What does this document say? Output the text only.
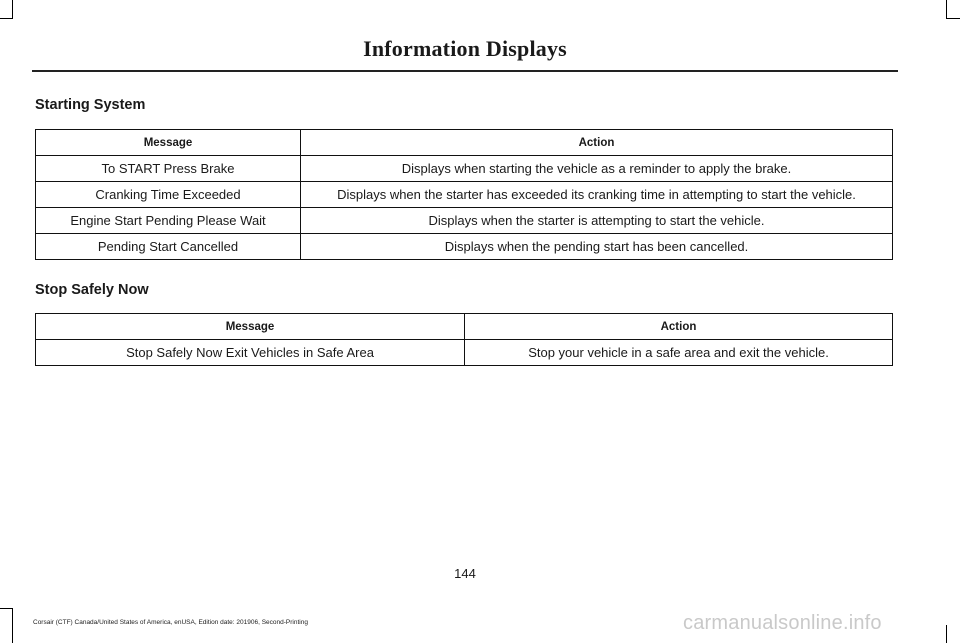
Information Displays
Starting System
Message	Action
To START Press Brake	Displays when starting the vehicle as a reminder to apply the brake.
Cranking Time Exceeded	Displays when the starter has exceeded its cranking time in attempting to start the vehicle.
Engine Start Pending Please Wait	Displays when the starter is attempting to start the vehicle.
Pending Start Cancelled	Displays when the pending start has been cancelled.
Stop Safely Now
Message	Action
Stop Safely Now Exit Vehicles in Safe Area	Stop your vehicle in a safe area and exit the vehicle.
144
Corsair (CTF) Canada/United States of America, enUSA, Edition date: 201906, Second-Printing	carmanualsonline.info
